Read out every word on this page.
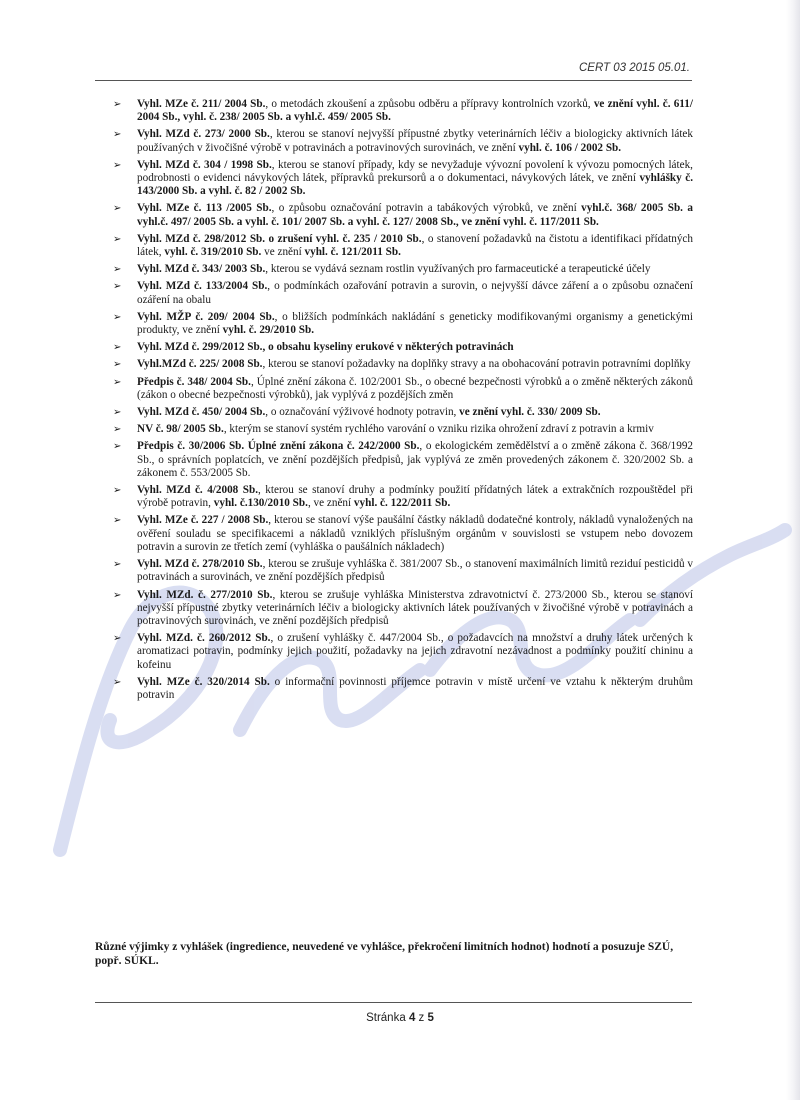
CERT 03 2015 05.01.
➢ Vyhl. MZe č. 211/ 2004 Sb., o metodách zkoušení a způsobu odběru a přípravy kontrolních vzorků, ve znění vyhl. č. 611/ 2004 Sb., vyhl. č. 238/ 2005 Sb. a vyhl.č. 459/ 2005 Sb.
➢ Vyhl. MZd č. 273/ 2000 Sb., kterou se stanoví nejvyšší přípustné zbytky veterinárních léčiv a biologicky aktivních látek používaných v živočišné výrobě v potravinách a potravinových surovinách, ve znění vyhl. č. 106 / 2002 Sb.
➢ Vyhl. MZd č. 304 / 1998 Sb., kterou se stanoví případy, kdy se nevyžaduje vývozní povolení k vývozu pomocných látek, podrobnosti o evidenci návykových látek, přípravků prekursorů a o dokumentaci, návykových látek, ve znění vyhlášky č. 143/2000 Sb. a vyhl. č. 82 / 2002 Sb.
➢ Vyhl. MZe č. 113 /2005 Sb., o způsobu označování potravin a tabákových výrobků, ve znění vyhl.č. 368/ 2005 Sb. a vyhl.č. 497/ 2005 Sb. a vyhl. č. 101/ 2007 Sb. a vyhl. č. 127/ 2008 Sb., ve znění vyhl. č. 117/2011 Sb.
➢ Vyhl. MZd č. 298/2012 Sb. o zrušení vyhl. č. 235 / 2010 Sb., o stanovení požadavků na čistotu a identifikaci přídatných látek, vyhl. č. 319/2010 Sb. ve znění vyhl. č. 121/2011 Sb.
➢ Vyhl. MZd č. 343/ 2003 Sb., kterou se vydává seznam rostlin využívaných pro farmaceutické a terapeutické účely
➢ Vyhl. MZd č. 133/2004 Sb., o podmínkách ozařování potravin a surovin, o nejvyšší dávce záření a o způsobu označení ozáření na obalu
➢ Vyhl. MŽP č. 209/ 2004 Sb., o bližších podmínkách nakládání s geneticky modifikovanými organismy a genetickými produkty, ve znění vyhl. č. 29/2010 Sb.
➢ Vyhl. MZd č. 299/2012 Sb., o obsahu kyseliny erukové v některých potravinách
➢ Vyhl.MZd č. 225/ 2008 Sb., kterou se stanoví požadavky na doplňky stravy a na obohacování potravin potravními doplňky
➢ Předpis č. 348/ 2004 Sb., Úplné znění zákona č. 102/2001 Sb., o obecné bezpečnosti výrobků a o změně některých zákonů (zákon o obecné bezpečnosti výrobků), jak vyplývá z pozdějších změn
➢ Vyhl. MZd č. 450/ 2004 Sb., o označování výživové hodnoty potravin, ve znění vyhl. č. 330/ 2009 Sb.
➢ NV č. 98/ 2005 Sb., kterým se stanoví systém rychlého varování o vzniku rizika ohrožení zdraví z potravin a krmiv
➢ Předpis č. 30/2006 Sb. Úplné znění zákona č. 242/2000 Sb., o ekologickém zemědělství a o změně zákona č. 368/1992 Sb., o správních poplatcích, ve znění pozdějších předpisů, jak vyplývá ze změn provedených zákonem č. 320/2002 Sb. a zákonem č. 553/2005 Sb.
➢ Vyhl. MZd č. 4/2008 Sb., kterou se stanoví druhy a podmínky použití přídatných látek a extrakčních rozpouštědel při výrobě potravin, vyhl. č.130/2010 Sb., ve znění vyhl. č. 122/2011 Sb.
➢ Vyhl. MZe č. 227 / 2008 Sb., kterou se stanoví výše paušální částky nákladů dodatečné kontroly, nákladů vynaložených na ověření souladu se specifikacemi a nákladů vzniklých příslušným orgánům v souvislosti se vstupem nebo dovozem potravin a surovin ze třetích zemí (vyhláška o paušálních nákladech)
➢ Vyhl. MZd č. 278/2010 Sb., kterou se zrušuje vyhláška č. 381/2007 Sb., o stanovení maximálních limitů reziduí pesticidů v potravinách a surovinách, ve znění pozdějších předpisů
➢ Vyhl. MZd. č. 277/2010 Sb., kterou se zrušuje vyhláška Ministerstva zdravotnictví č. 273/2000 Sb., kterou se stanoví nejvyšší přípustné zbytky veterinárních léčiv a biologicky aktivních látek používaných v živočišné výrobě v potravinách a potravinových surovinách, ve znění pozdějších předpisů
➢ Vyhl. MZd. č. 260/2012 Sb., o zrušení vyhlášky č. 447/2004 Sb., o požadavcích na množství a druhy látek určených k aromatizaci potravin, podmínky jejich použití, požadavky na jejich zdravotní nezávadnost a podmínky použití chininu a kofeinu
➢ Vyhl. MZe č. 320/2014 Sb. o informační povinnosti příjemce potravin v místě určení ve vztahu k některým druhům potravin
Různé výjimky z vyhlášek (ingredience, neuvedené ve vyhlášce, překročení limitních hodnot) hodnotí a posuzuje SZÚ, popř. SÚKL.
Stránka 4 z 5
